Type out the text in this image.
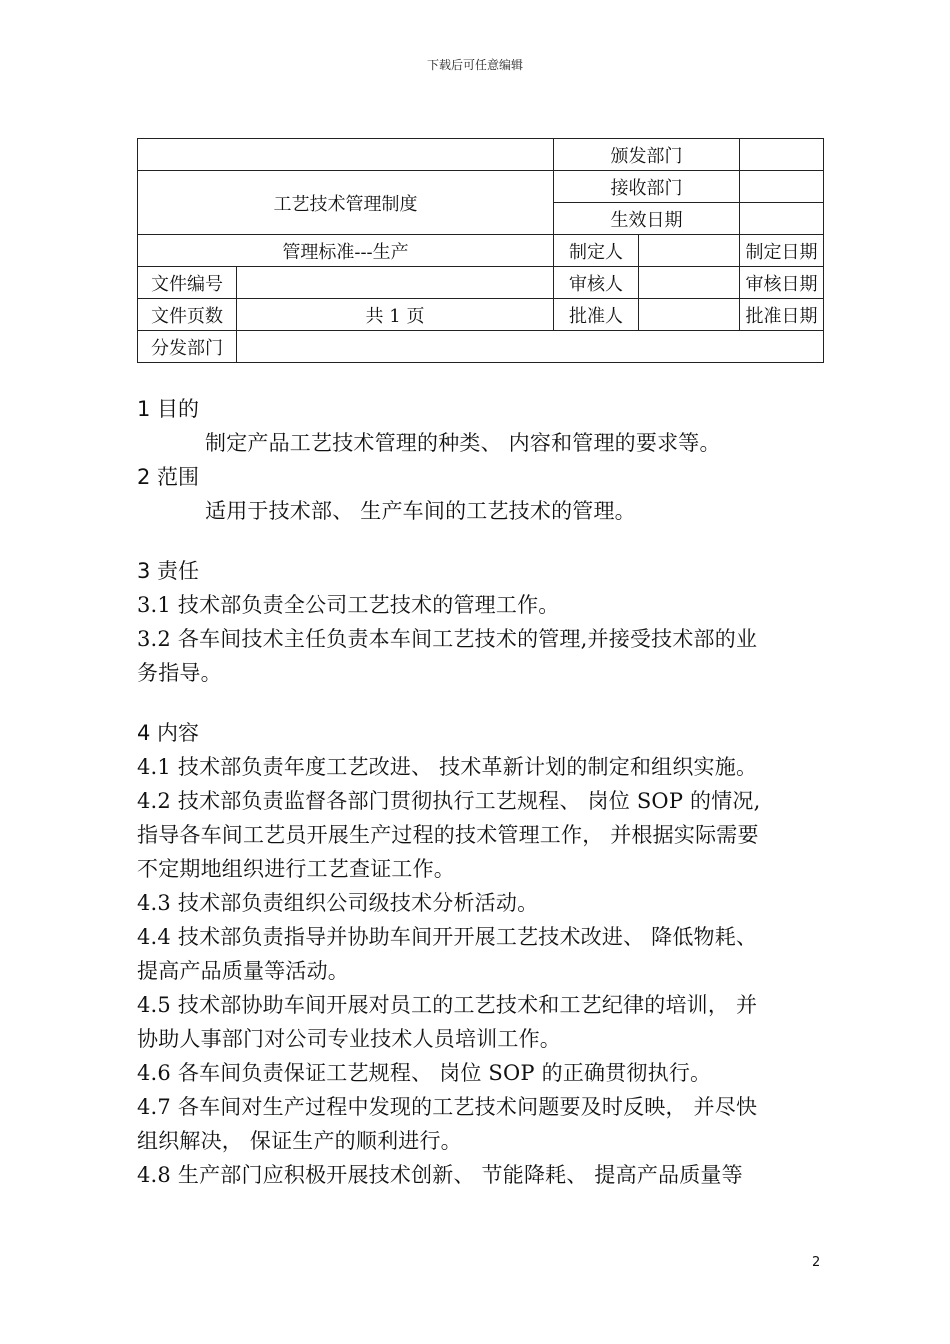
下载后可任意编辑
		颁发部门		
工艺技术管理制度		接收部门		
		生效日期		
管理标准---生产		制定人		制定日期
文件编号		审核人		审核日期
文件页数	共 1 页	批准人		批准日期
分发部门				

1 目的

制定产品工艺技术管理的种类、 内容和管理的要求等。

2 范围

适用于技术部、 生产车间的工艺技术的管理。

3 责任

3.1 技术部负责全公司工艺技术的管理工作。

3.2 各车间技术主任负责本车间工艺技术的管理,并接受技术部的业

务指导。

4 内容

4.1 技术部负责年度工艺改进、 技术革新计划的制定和组织实施。

4.2 技术部负责监督各部门贯彻执行工艺规程、 岗位 SOP 的情况,

指导各车间工艺员开展生产过程的技术管理工作， 并根据实际需要

不定期地组织进行工艺查证工作。

4.3 技术部负责组织公司级技术分析活动。

4.4 技术部负责指导并协助车间开开展工艺技术改进、 降低物耗、

提高产品质量等活动。

4.5 技术部协助车间开展对员工的工艺技术和工艺纪律的培训， 并

协助人事部门对公司专业技术人员培训工作。

4.6 各车间负责保证工艺规程、 岗位 SOP 的正确贯彻执行。

4.7 各车间对生产过程中发现的工艺技术问题要及时反映， 并尽快

组织解决， 保证生产的顺利进行。

4.8 生产部门应积极开展技术创新、 节能降耗、 提高产品质量等

2
